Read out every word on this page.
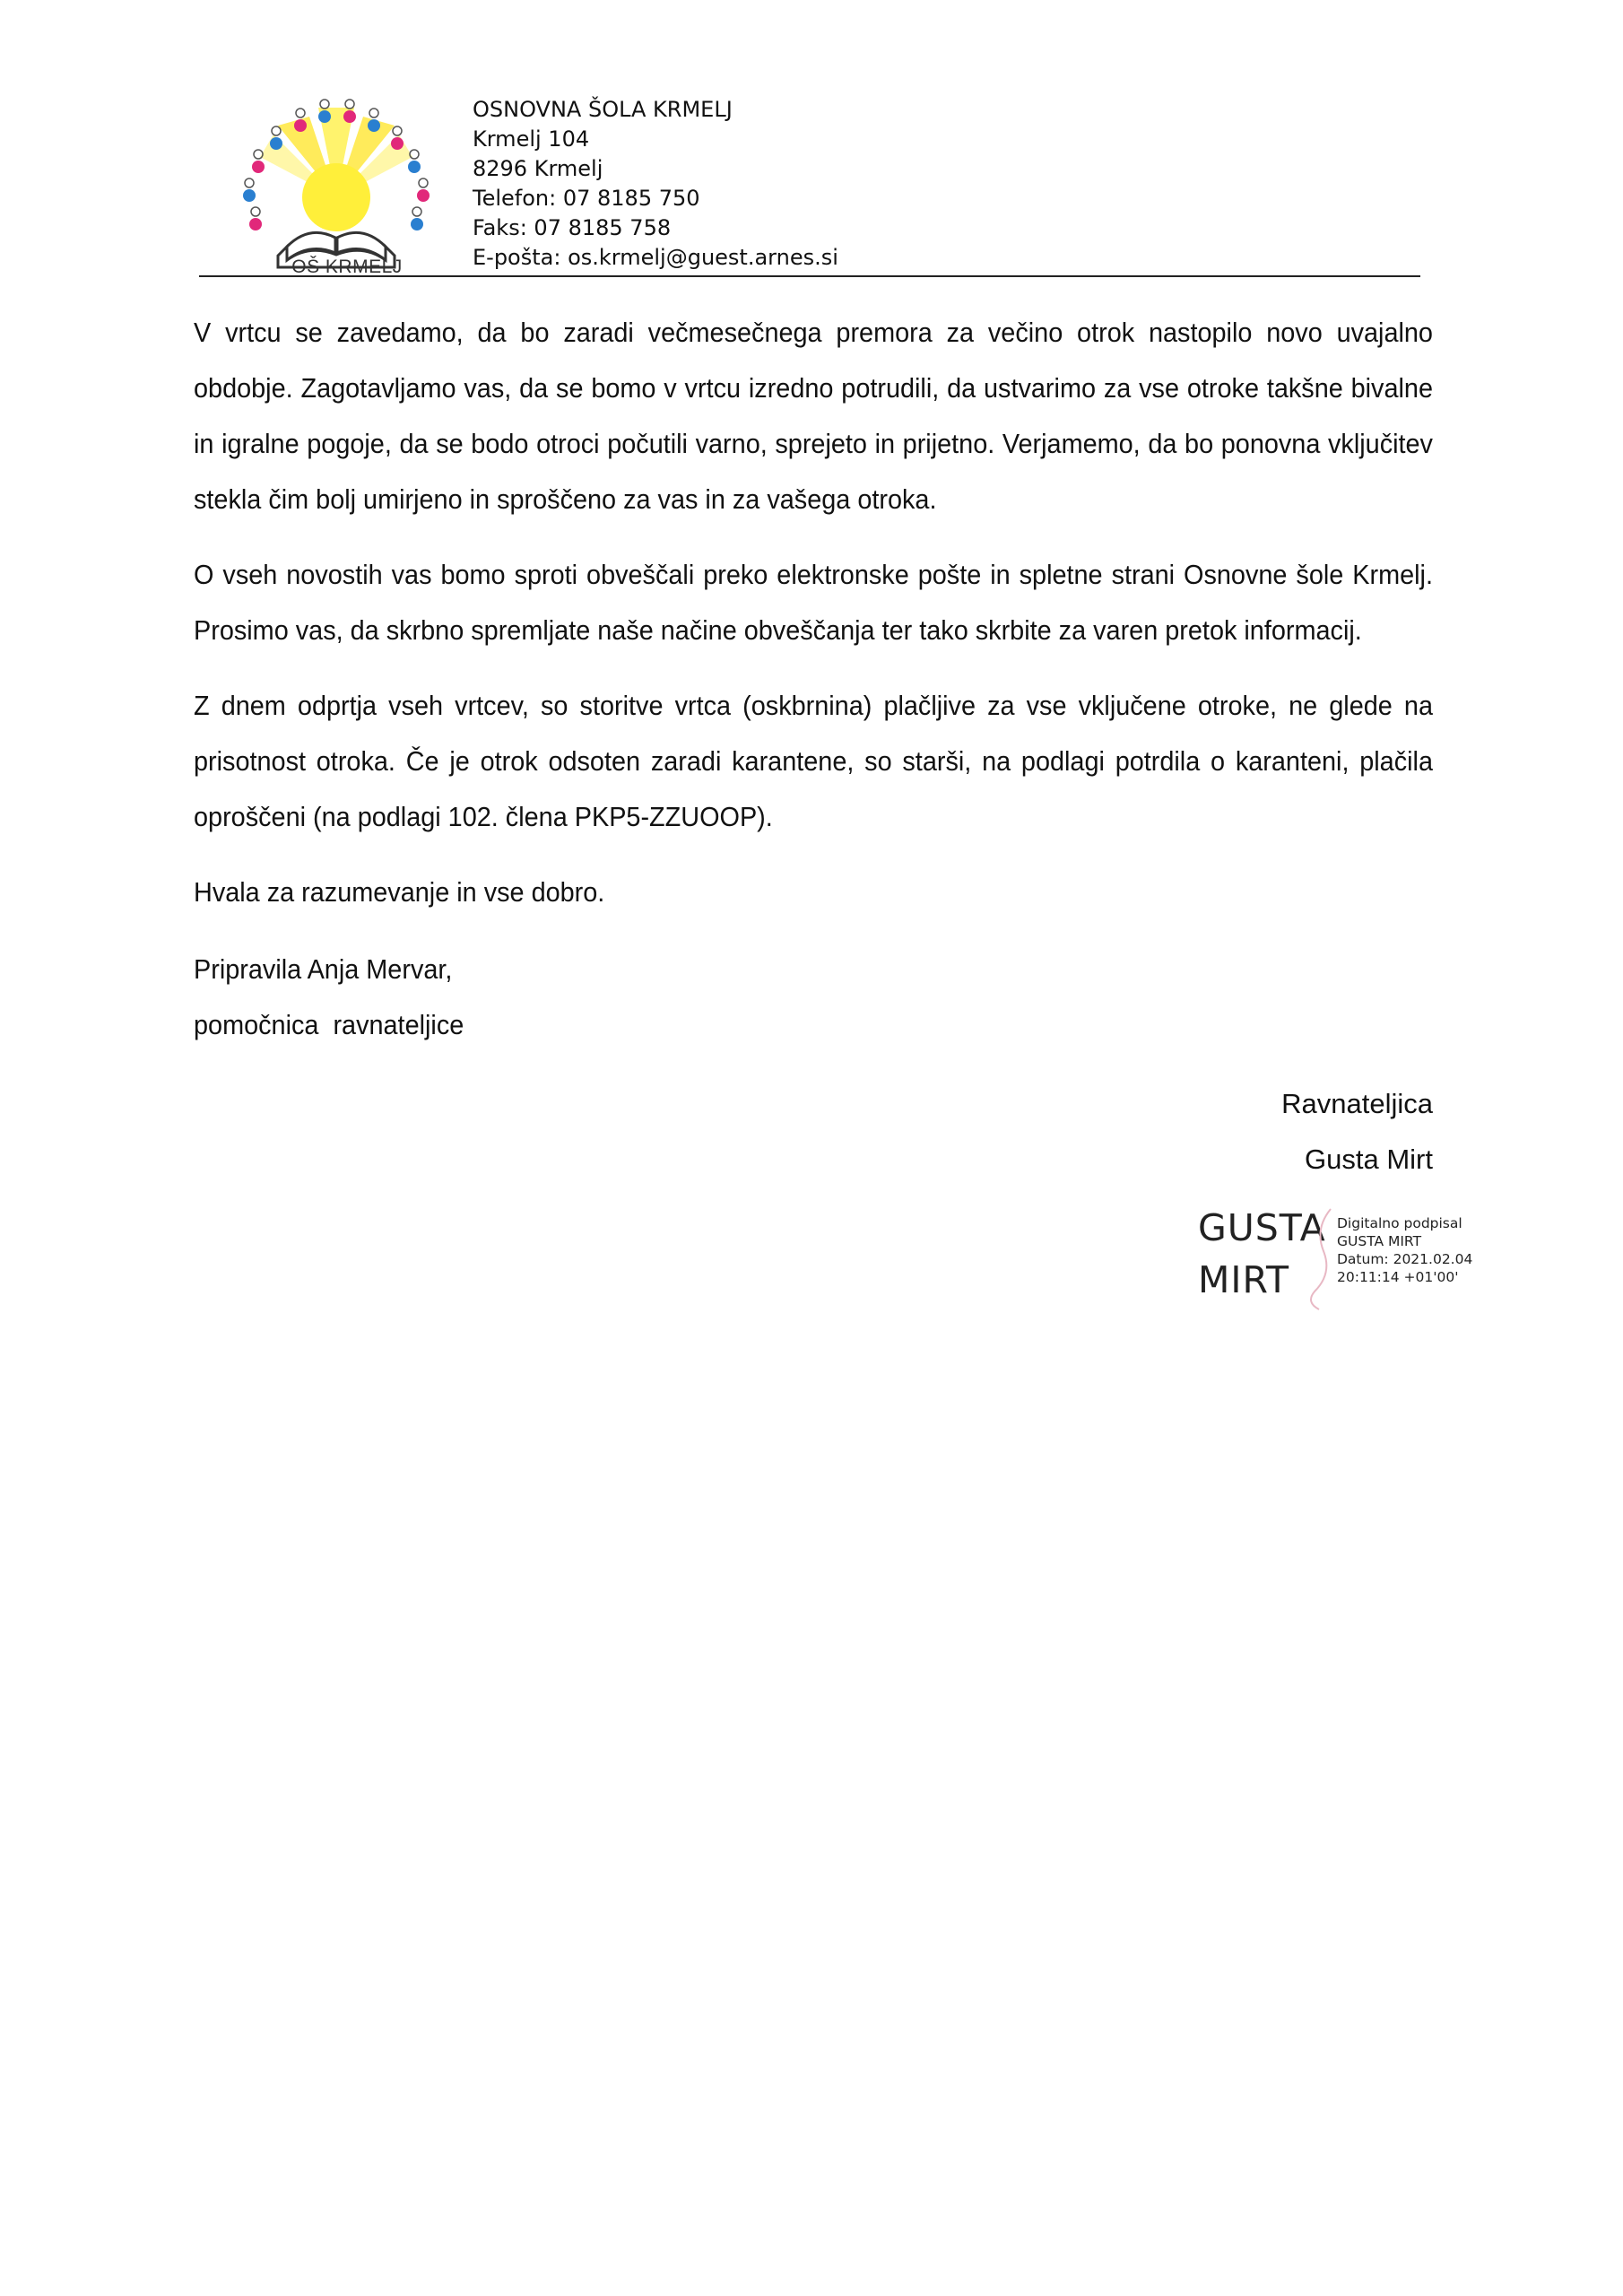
OŠ KRMELJ
OSNOVNA ŠOLA KRMELJ
Krmelj 104
8296 Krmelj
Telefon: 07 8185 750
Faks: 07 8185 758
E-pošta: os.krmelj@guest.arnes.si

V vrtcu se zavedamo, da bo zaradi večmesečnega premora za večino otrok nastopilo novo uvajalno obdobje. Zagotavljamo vas, da se bomo v vrtcu izredno potrudili, da ustvarimo za vse otroke takšne bivalne in igralne pogoje, da se bodo otroci počutili varno, sprejeto in prijetno. Verjamemo, da bo ponovna vključitev stekla čim bolj umirjeno in sproščeno za vas in za vašega otroka.

O vseh novostih vas bomo sproti obveščali preko elektronske pošte in spletne strani Osnovne šole Krmelj. Prosimo vas, da skrbno spremljate naše načine obveščanja ter tako skrbite za varen pretok informacij.

Z dnem odprtja vseh vrtcev, so storitve vrtca (oskbrnina) plačljive za vse vključene otroke, ne glede na prisotnost otroka. Če je otrok odsoten zaradi karantene, so starši, na podlagi potrdila o karanteni, plačila oproščeni (na podlagi 102. člena PKP5-ZZUOOP).

Hvala za razumevanje in vse dobro.

Pripravila Anja Mervar,
pomočnica  ravnateljice
Ravnateljica
Gusta Mirt
GUSTA
MIRT
Digitalno podpisal
GUSTA MIRT
Datum: 2021.02.04
20:11:14 +01'00'
